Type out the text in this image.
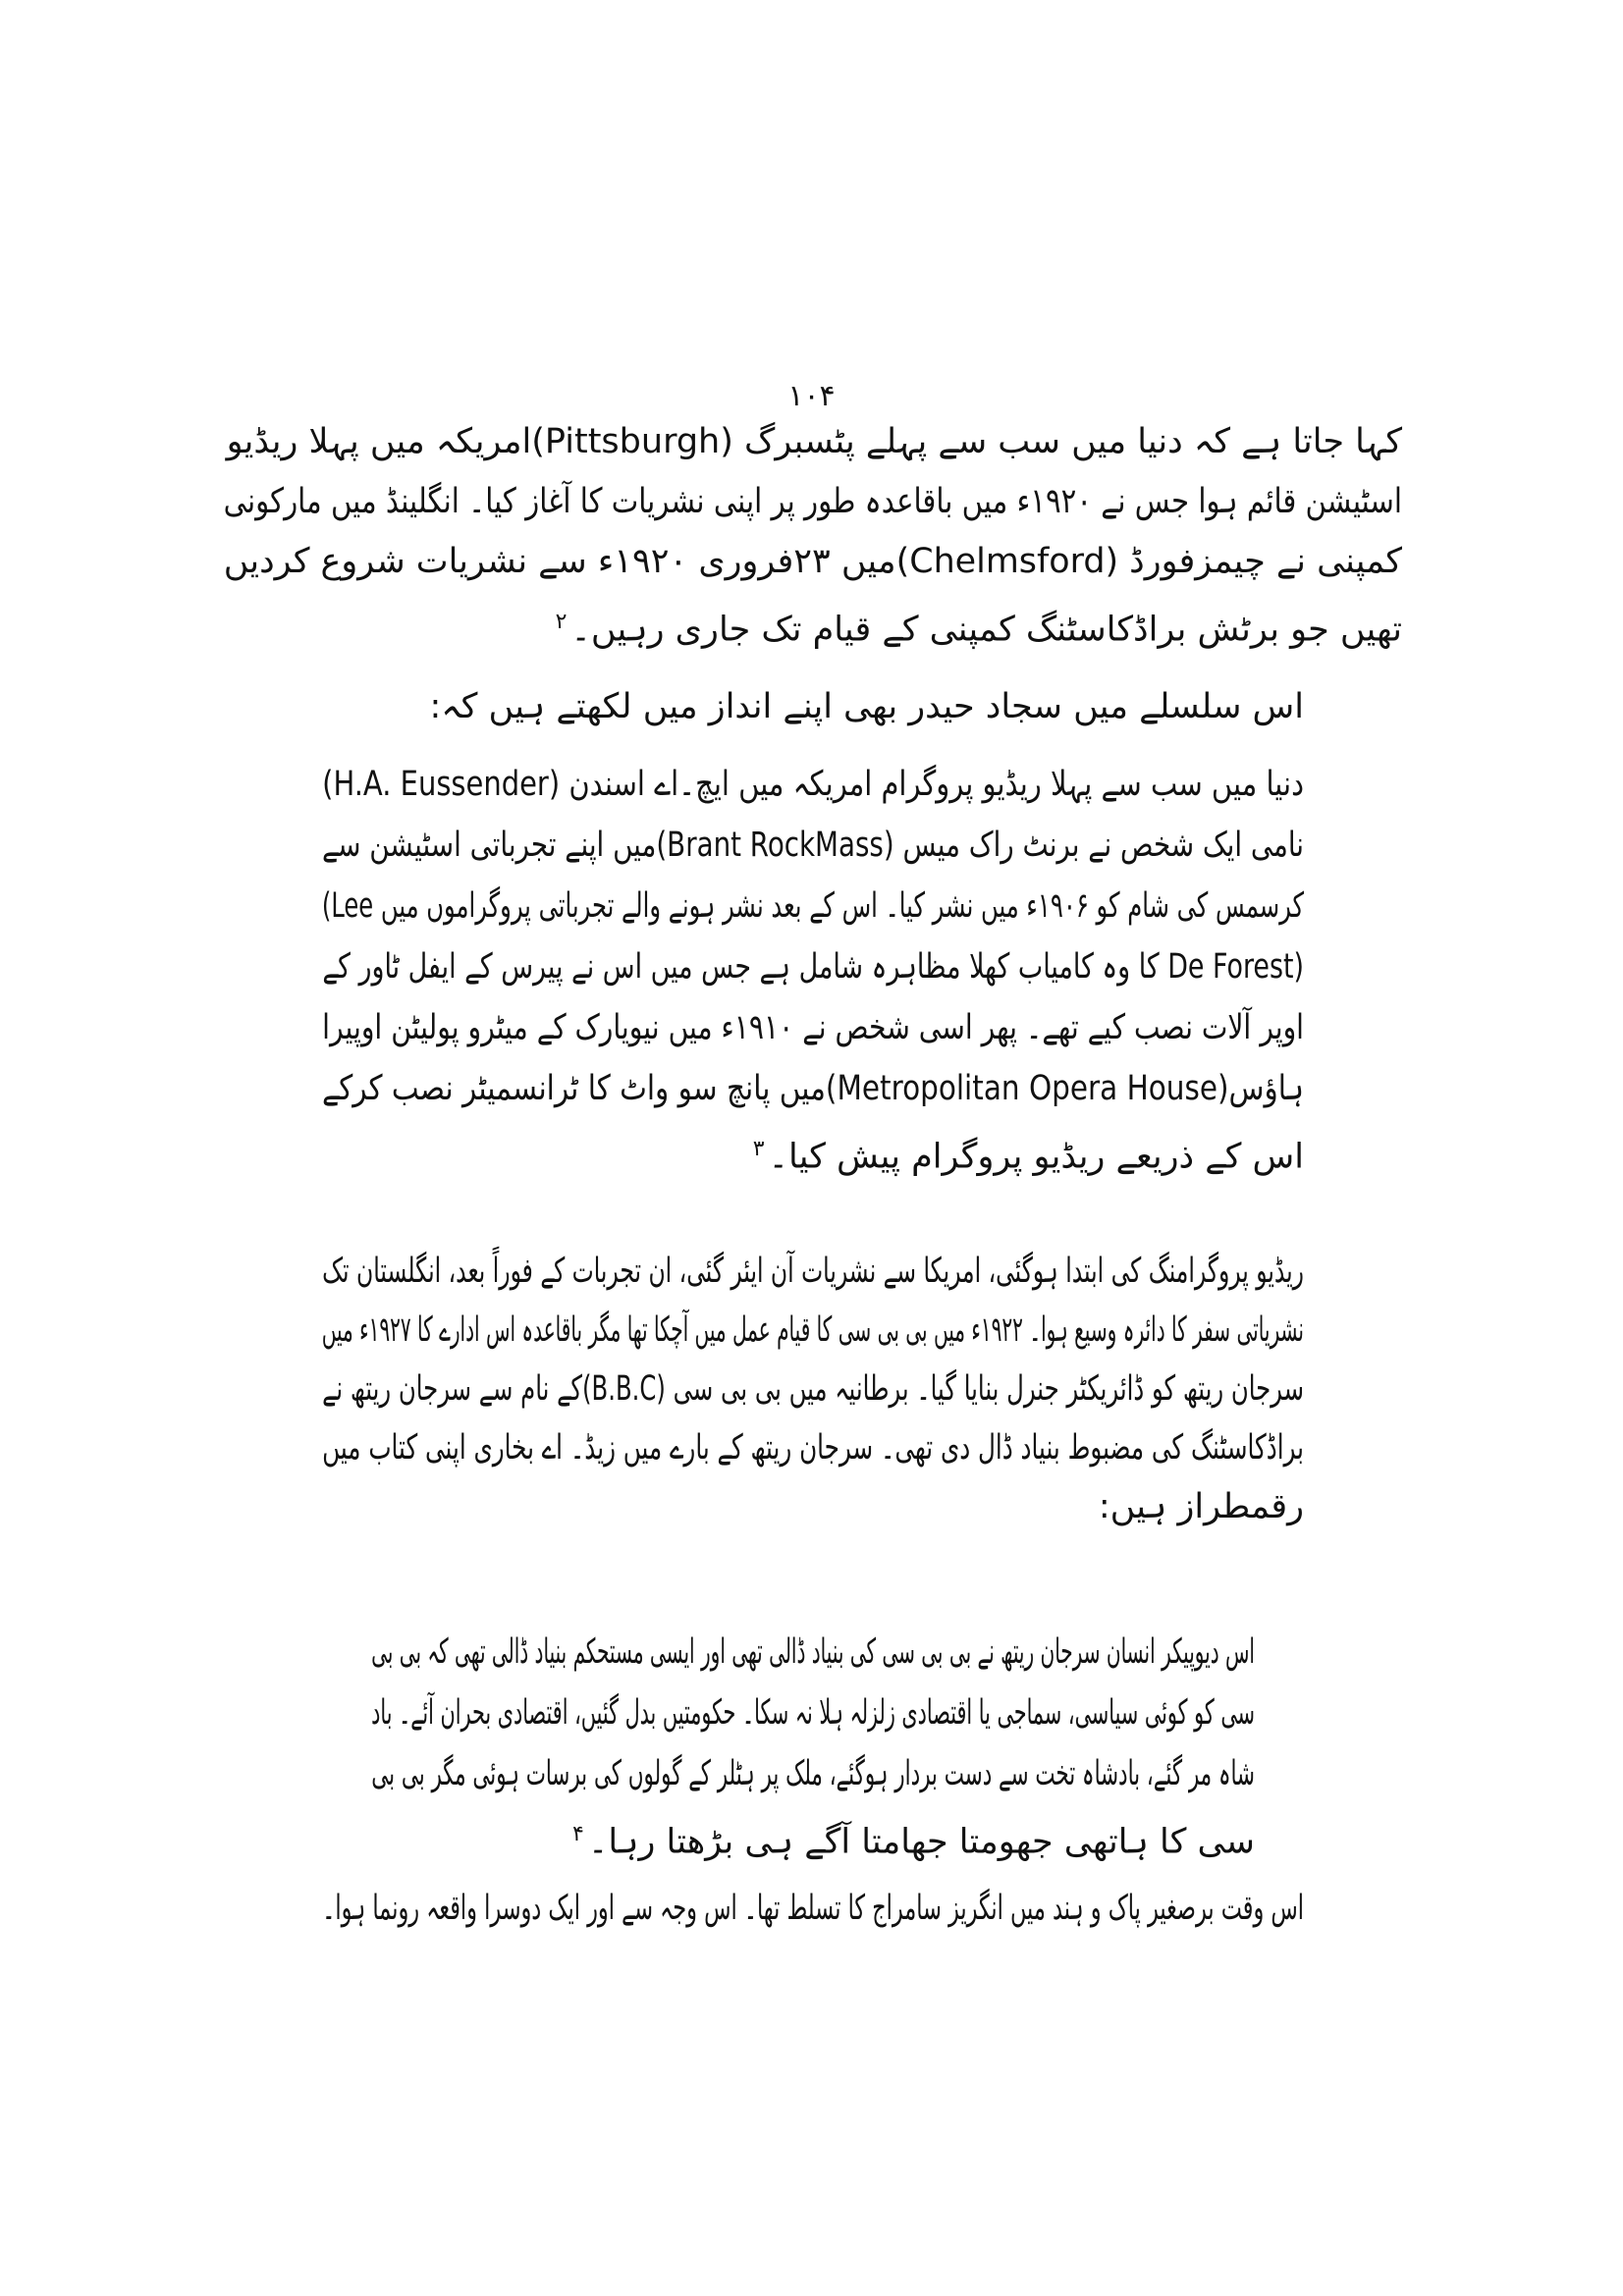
۱۰۴
کہا جاتا ہے کہ دنیا میں سب سے پہلے پٹسبرگ (Pittsburgh)امریکہ میں پہلا ریڈیو
اسٹیشن قائم ہوا جس نے ۱۹۲۰ء میں باقاعدہ طور پر اپنی نشریات کا آغاز کیا۔ انگلینڈ میں مارکونی
کمپنی نے چیمزفورڈ (Chelmsford)میں ۲۳فروری ۱۹۲۰ء سے نشریات شروع کردیں
تھیں جو برٹش براڈکاسٹنگ کمپنی کے قیام تک جاری رہیں۔$^۲$
اس سلسلے میں سجاد حیدر بھی اپنے انداز میں لکھتے ہیں کہ:
دنیا میں سب سے پہلا ریڈیو پروگرام امریکہ میں ایچ۔اے اسندن (H.A. Eussender)
نامی ایک شخص نے برنٹ راک میس (Brant RockMass)میں اپنے تجرباتی اسٹیشن سے
کرسمس کی شام کو ۱۹۰۶ء میں نشر کیا۔ اس کے بعد نشر ہونے والے تجرباتی پروگراموں میں Lee)
(De Forest کا وہ کامیاب کھلا مظاہرہ شامل ہے جس میں اس نے پیرس کے ایفل ٹاور کے
اوپر آلات نصب کیے تھے۔ پھر اسی شخص نے ۱۹۱۰ء میں نیویارک کے میٹرو پولیٹن اوپیرا
ہاؤس(Metropolitan Opera House)میں پانچ سو واٹ کا ٹرانسمیٹر نصب کرکے
اس کے ذریعے ریڈیو پروگرام پیش کیا۔$^۳$
ریڈیو پروگرامنگ کی ابتدا ہوگئی، امریکا سے نشریات آن ایئر گئی، ان تجربات کے فوراً بعد، انگلستان تک
نشریاتی سفر کا دائرہ وسیع ہوا۔ ۱۹۲۲ء میں بی بی سی کا قیام عمل میں آچکا تھا مگر باقاعدہ اس ادارے کا ۱۹۲۷ء میں
سرجان ریتھ کو ڈائریکٹر جنرل بنایا گیا۔ برطانیہ میں بی بی سی (B.B.C)کے نام سے سرجان ریتھ نے
براڈکاسٹنگ کی مضبوط بنیاد ڈال دی تھی۔ سرجان ریتھ کے بارے میں زیڈ۔ اے بخاری اپنی کتاب میں
رقمطراز ہیں:
اس دیوپیکر انسان سرجان ریتھ نے بی بی سی کی بنیاد ڈالی تھی اور ایسی مستحکم بنیاد ڈالی تھی کہ بی بی
سی کو کوئی سیاسی، سماجی یا اقتصادی زلزلہ ہلا نہ سکا۔ حکومتیں بدل گئیں، اقتصادی بحران آئے۔ باد
شاہ مر گئے، بادشاہ تخت سے دست بردار ہوگئے، ملک پر ہٹلر کے گولوں کی برسات ہوئی مگر بی بی
سی کا ہاتھی جھومتا جھامتا آگے ہی بڑھتا رہا۔$^۴$
اس وقت برصغیر پاک و ہند میں انگریز سامراج کا تسلط تھا۔ اس وجہ سے اور ایک دوسرا واقعہ رونما ہوا۔
